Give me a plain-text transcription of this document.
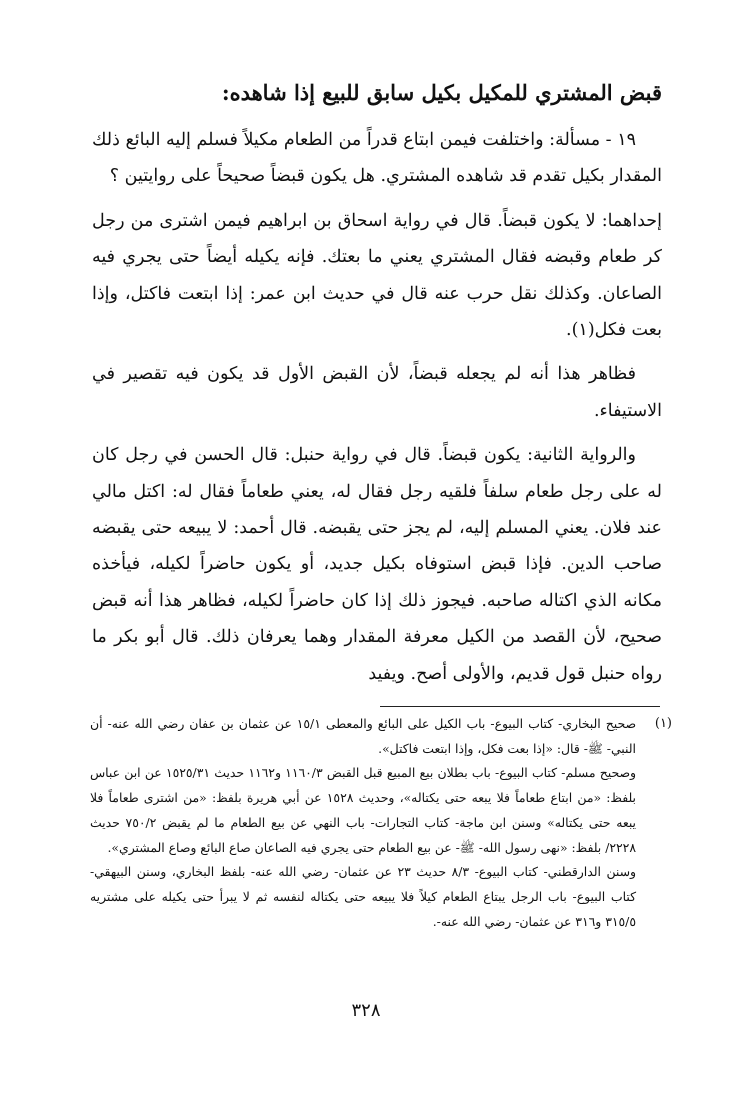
قبض المشتري للمكيل بكيل سابق للبيع إذا شاهده:

١٩ - مسألة: واختلفت فيمن ابتاع قدراً من الطعام مكيلاً فسلم إليه البائع ذلك المقدار بكيل تقدم قد شاهده المشتري. هل يكون قبضاً صحيحاً على روايتين ؟

إحداهما: لا يكون قبضاً. قال في رواية اسحاق بن ابراهيم فيمن اشترى من رجل كر طعام وقبضه فقال المشتري يعني ما بعتك. فإنه يكيله أيضاً حتى يجري فيه الصاعان. وكذلك نقل حرب عنه قال في حديث ابن عمر: إذا ابتعت فاكتل، وإذا بعت فكل(١).

فظاهر هذا أنه لم يجعله قبضاً، لأن القبض الأول قد يكون فيه تقصير في الاستيفاء.

والرواية الثانية: يكون قبضاً. قال في رواية حنبل: قال الحسن في رجل كان له على رجل طعام سلفاً فلقيه رجل فقال له، يعني طعاماً فقال له: اكتل مالي عند فلان. يعني المسلم إليه، لم يجز حتى يقبضه. قال أحمد: لا يبيعه حتى يقبضه صاحب الدين. فإذا قبض استوفاه بكيل جديد، أو يكون حاضراً لكيله، فيأخذه مكانه الذي اكتاله صاحبه. فيجوز ذلك إذا كان حاضراً لكيله، فظاهر هذا أنه قبض صحيح، لأن القصد من الكيل معرفة المقدار وهما يعرفان ذلك. قال أبو بكر ما رواه حنبل قول قديم، والأولى أصح. ويفيد

(١)

صحيح البخاري- كتاب البيوع- باب الكيل على البائع والمعطى ١٥/١ عن عثمان بن عفان رضي الله عنه- أن النبي- ﷺ- قال: «إذا بعت فكل، وإذا ابتعت فاكتل».

وصحيح مسلم- كتاب البيوع- باب بطلان بيع المبيع قبل القبض ١١٦٠/٣ و١١٦٢ حديث ١٥٢٥/٣١ عن ابن عباس بلفظ: «من ابتاع طعاماً فلا يبعه حتى يكتاله»، وحديث ١٥٢٨ عن أبي هريرة بلفظ: «من اشترى طعاماً فلا يبعه حتى يكتاله» وسنن ابن ماجة- كتاب التجارات- باب النهي عن بيع الطعام ما لم يقبض ٧٥٠/٢ حديث ٢٢٢٨/ بلفظ: «نهى رسول الله- ﷺ- عن بيع الطعام حتى يجري فيه الصاعان صاع البائع وصاع المشتري».

وسنن الدارقطني- كتاب البيوع- ٨/٣ حديث ٢٣ عن عثمان- رضي الله عنه- بلفظ البخاري، وسنن البيهقي- كتاب البيوع- باب الرجل يبتاع الطعام كيلاً فلا يبيعه حتى يكتاله لنفسه ثم لا يبرأ حتى يكيله على مشتريه ٣١٥/٥ و٣١٦ عن عثمان- رضي الله عنه-.

٣٢٨
